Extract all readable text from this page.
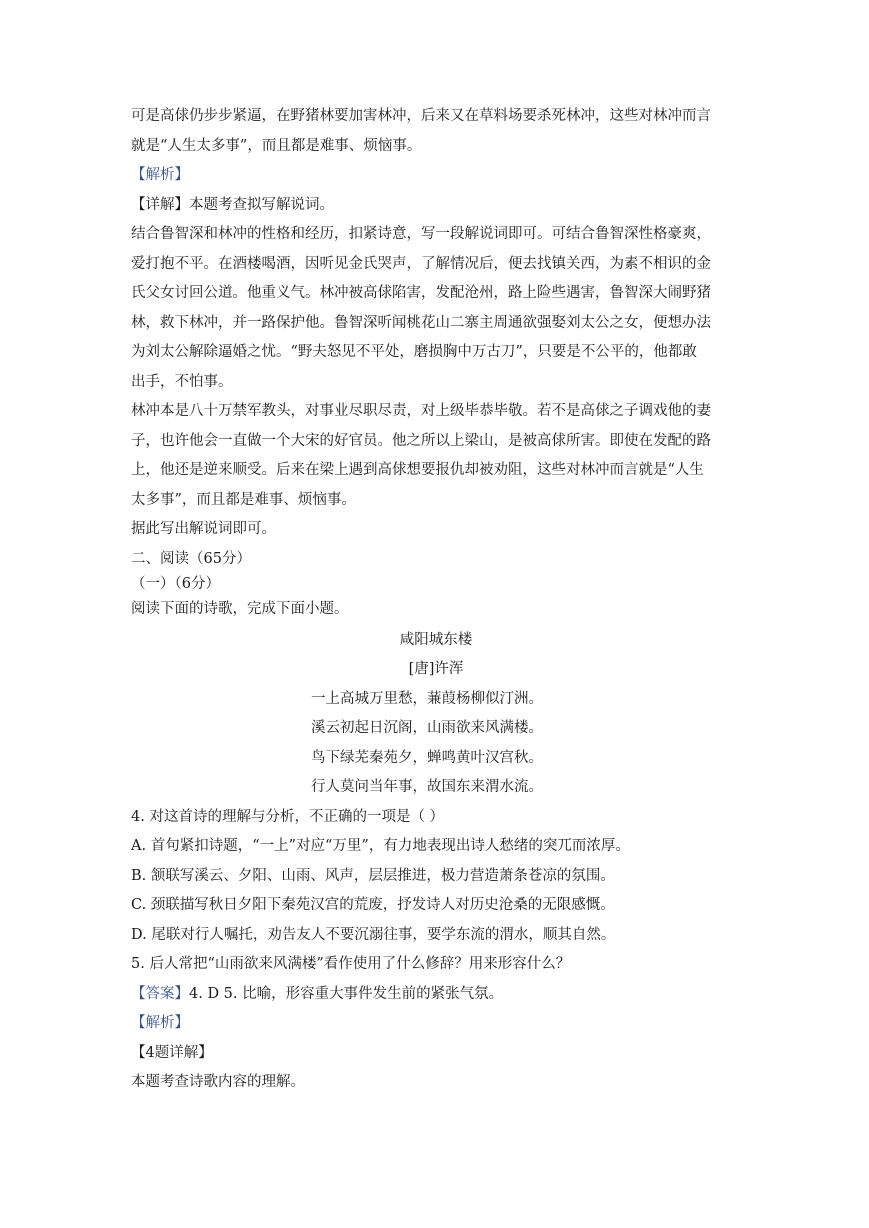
可是高俅仍步步紧逼，在野猪林要加害林冲，后来又在草料场要杀死林冲，这些对林冲而言
就是“人生太多事”，而且都是难事、烦恼事。
【解析】
【详解】本题考查拟写解说词。
结合鲁智深和林冲的性格和经历，扣紧诗意，写一段解说词即可。可结合鲁智深性格豪爽，
爱打抱不平。在酒楼喝酒，因听见金氏哭声，了解情况后，便去找镇关西，为素不相识的金
氏父女讨回公道。他重义气。林冲被高俅陷害，发配沧州，路上险些遇害，鲁智深大闹野猪
林，救下林冲，并一路保护他。鲁智深听闻桃花山二寨主周通欲强娶刘太公之女，便想办法
为刘太公解除逼婚之忧。“野夫怒见不平处，磨损胸中万古刀”，只要是不公平的，他都敢
出手，不怕事。
林冲本是八十万禁军教头，对事业尽职尽责，对上级毕恭毕敬。若不是高俅之子调戏他的妻
子，也许他会一直做一个大宋的好官员。他之所以上梁山，是被高俅所害。即使在发配的路
上，他还是逆来顺受。后来在梁上遇到高俅想要报仇却被劝阻，这些对林冲而言就是“人生
太多事”，而且都是难事、烦恼事。
据此写出解说词即可。
二、阅读（65分）
（一）（6分）
阅读下面的诗歌，完成下面小题。
咸阳城东楼
[唐]许浑
一上高城万里愁，蒹葭杨柳似汀洲。
溪云初起日沉阁，山雨欲来风满楼。
鸟下绿芜秦苑夕，蝉鸣黄叶汉宫秋。
行人莫问当年事，故国东来渭水流。
4. 对这首诗的理解与分析，不正确的一项是（ ）
A. 首句紧扣诗题，“一上”对应“万里”，有力地表现出诗人愁绪的突兀而浓厚。
B. 颔联写溪云、夕阳、山雨、风声，层层推进，极力营造萧条苍凉的氛围。
C. 颈联描写秋日夕阳下秦苑汉宫的荒废，抒发诗人对历史沧桑的无限感慨。
D. 尾联对行人嘱托，劝告友人不要沉溺往事，要学东流的渭水，顺其自然。
5. 后人常把“山雨欲来风满楼”看作使用了什么修辞？用来形容什么？
【答案】4. D 5. 比喻，形容重大事件发生前的紧张气氛。
【解析】
【4题详解】
本题考查诗歌内容的理解。
